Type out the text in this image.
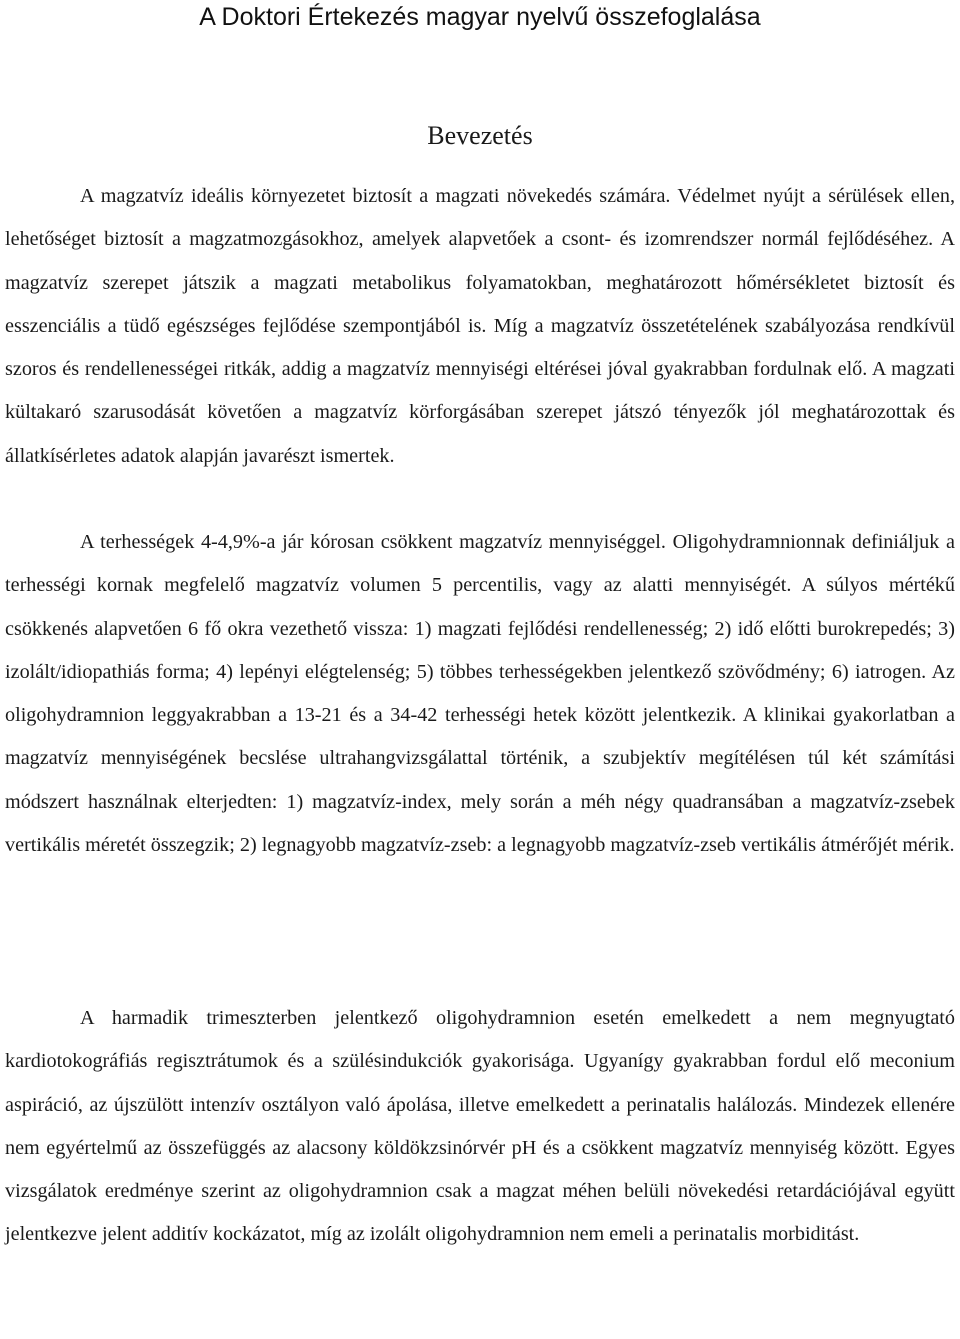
A Doktori Értekezés magyar nyelvű összefoglalása
Bevezetés

A magzatvíz ideális környezetet biztosít a magzati növekedés számára. Védelmet nyújt a sérülések ellen, lehetőséget biztosít a magzatmozgásokhoz, amelyek alapvetőek a csont- és izomrendszer normál fejlődéséhez. A magzatvíz szerepet játszik a magzati metabolikus folyamatokban, meghatározott hőmérsékletet biztosít és esszenciális a tüdő egészséges fejlődése szempontjából is. Míg a magzatvíz összetételének szabályozása rendkívül szoros és rendellenességei ritkák, addig a magzatvíz mennyiségi eltérései jóval gyakrabban fordulnak elő. A magzati kültakaró szarusodását követően a magzatvíz körforgásában szerepet játszó tényezők jól meghatározottak és állatkísérletes adatok alapján javarészt ismertek.

A terhességek 4-4,9%-a jár kórosan csökkent magzatvíz mennyiséggel. Oligohydramnionnak definiáljuk a terhességi kornak megfelelő magzatvíz volumen 5 percentilis, vagy az alatti mennyiségét. A súlyos mértékű csökkenés alapvetően 6 fő okra vezethető vissza: 1) magzati fejlődési rendellenesség; 2) idő előtti burokrepedés; 3) izolált/idiopathiás forma; 4) lepényi elégtelenség; 5) többes terhességekben jelentkező szövődmény; 6) iatrogen. Az oligohydramnion leggyakrabban a 13-21 és a 34-42 terhességi hetek között jelentkezik. A klinikai gyakorlatban a magzatvíz mennyiségének becslése ultrahangvizsgálattal történik, a szubjektív megítélésen túl két számítási módszert használnak elterjedten: 1) magzatvíz-index, mely során a méh négy quadransában a magzatvíz-zsebek vertikális méretét összegzik; 2) legnagyobb magzatvíz-zseb: a legnagyobb magzatvíz-zseb vertikális átmérőjét mérik.

A harmadik trimeszterben jelentkező oligohydramnion esetén emelkedett a nem megnyugtató kardiotokográfiás regisztrátumok és a szülésindukciók gyakorisága. Ugyanígy gyakrabban fordul elő meconium aspiráció, az újszülött intenzív osztályon való ápolása, illetve emelkedett a perinatalis halálozás. Mindezek ellenére nem egyértelmű az összefüggés az alacsony köldökzsinórvér pH és a csökkent magzatvíz mennyiség között. Egyes vizsgálatok eredménye szerint az oligohydramnion csak a magzat méhen belüli növekedési retardációjával együtt jelentkezve jelent additív kockázatot, míg az izolált oligohydramnion nem emeli a perinatalis morbiditást.
